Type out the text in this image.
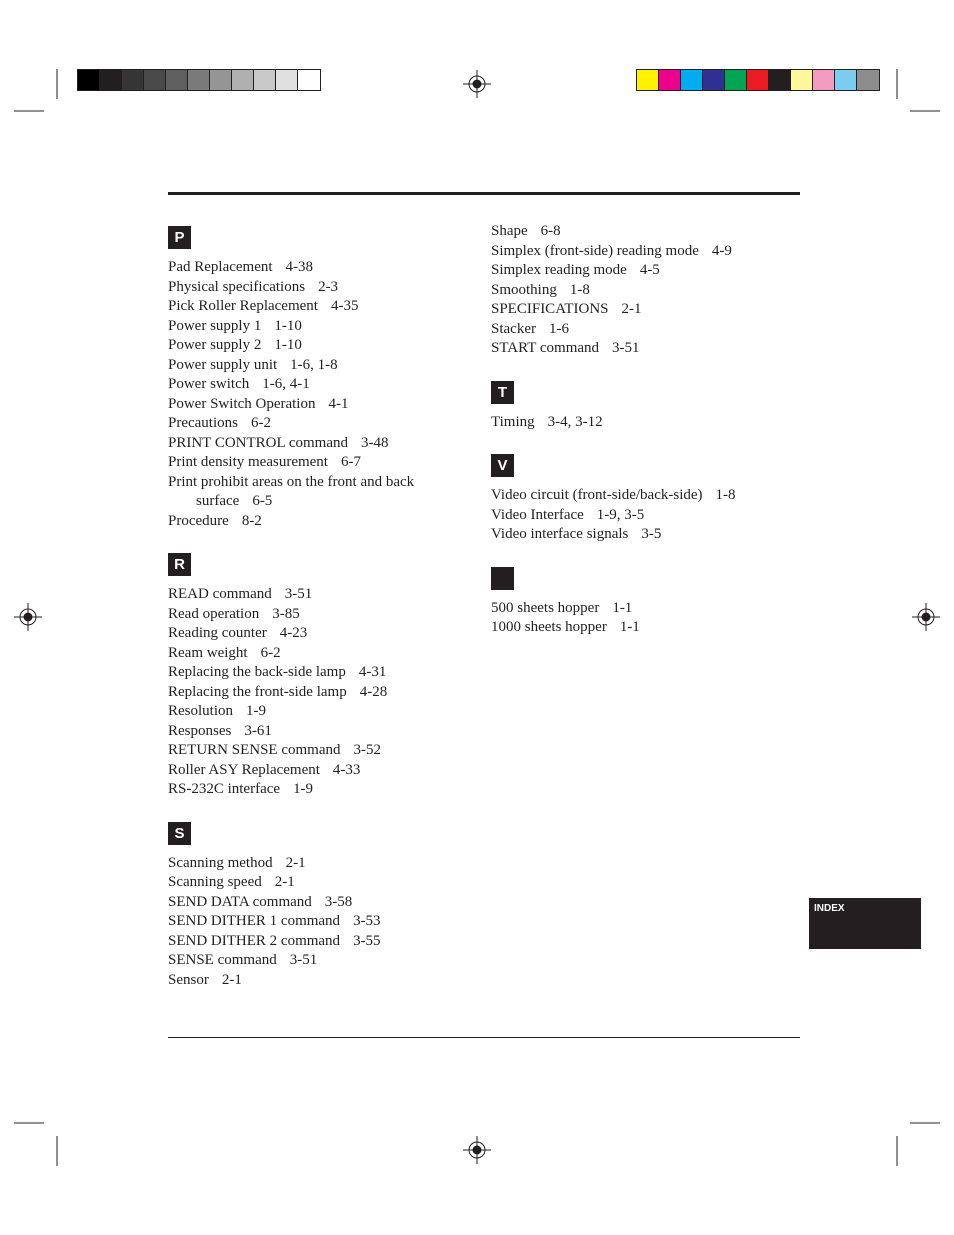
P
Pad Replacement 4-38
Physical specifications 2-3
Pick Roller Replacement 4-35
Power supply 1 1-10
Power supply 2 1-10
Power supply unit 1-6, 1-8
Power switch 1-6, 4-1
Power Switch Operation 4-1
Precautions 6-2
PRINT CONTROL command 3-48
Print density measurement 6-7
Print prohibit areas on the front and back surface 6-5
Procedure 8-2
R
READ command 3-51
Read operation 3-85
Reading counter 4-23
Ream weight 6-2
Replacing the back-side lamp 4-31
Replacing the front-side lamp 4-28
Resolution 1-9
Responses 3-61
RETURN SENSE command 3-52
Roller ASY Replacement 4-33
RS-232C interface 1-9
S
Scanning method 2-1
Scanning speed 2-1
SEND DATA command 3-58
SEND DITHER 1 command 3-53
SEND DITHER 2 command 3-55
SENSE command 3-51
Sensor 2-1
Shape 6-8
Simplex (front-side) reading mode 4-9
Simplex reading mode 4-5
Smoothing 1-8
SPECIFICATIONS 2-1
Stacker 1-6
START command 3-51
T
Timing 3-4, 3-12
V
Video circuit (front-side/back-side) 1-8
Video Interface 1-9, 3-5
Video interface signals 3-5
500 sheets hopper 1-1
1000 sheets hopper 1-1
INDEX
